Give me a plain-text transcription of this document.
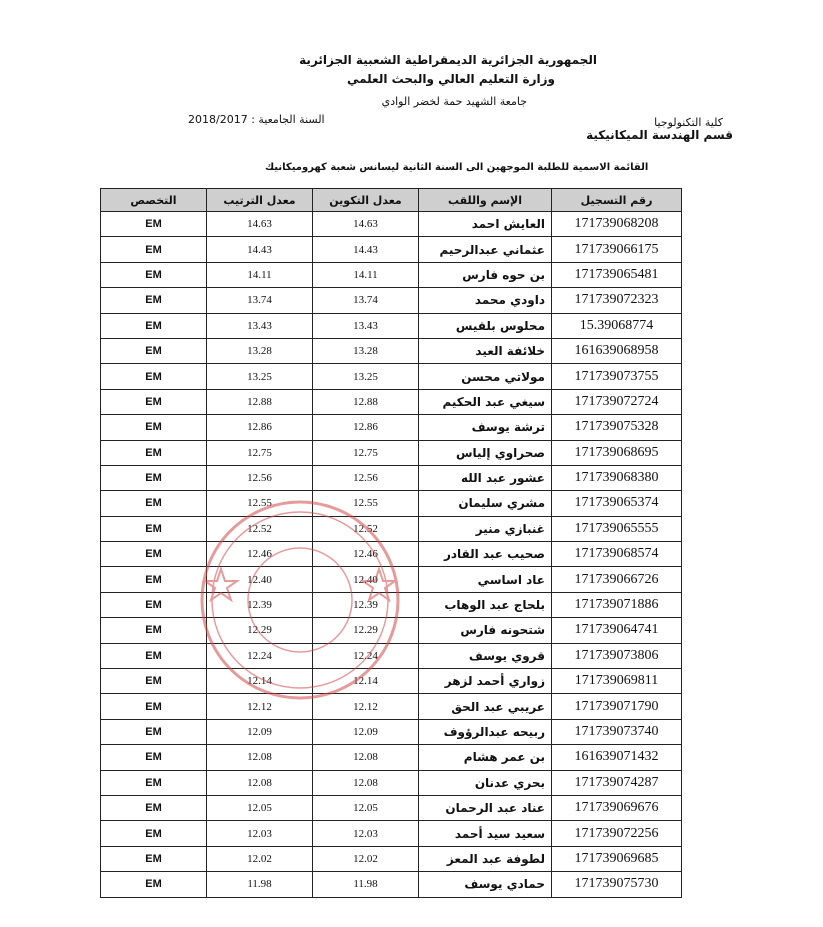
الجمهورية الجزائرية الديمقراطية الشعبية الجزائرية
وزارة التعليم العالي والبحث العلمي
جامعة الشهيد حمة لخضر الوادي
كلية التكنولوجيا
قسم الهندسة الميكانيكية
السنة الجامعية : 2018/2017
القائمة الاسمية للطلبة الموجهين الى السنة الثانية ليسانس شعبة كهروميكانيك
التخصص	معدل الترتيب	معدل التكوين	الإسم واللقب	رقم التسجيل
EM	14.63	14.63	العايش احمد	171739068208
EM	14.43	14.43	عثماني عبدالرحيم	171739066175
EM	14.11	14.11	بن حوه فارس	171739065481
EM	13.74	13.74	داودي محمد	171739072323
EM	13.43	13.43	محلوس بلقيس	15.39068774
EM	13.28	13.28	خلائفة العيد	161639068958
EM	13.25	13.25	مولاتي محسن	171739073755
EM	12.88	12.88	سيغي عبد الحكيم	171739072724
EM	12.86	12.86	ترشة يوسف	171739075328
EM	12.75	12.75	صحراوي إلياس	171739068695
EM	12.56	12.56	عشور عبد الله	171739068380
EM	12.55	12.55	مشري سليمان	171739065374
EM	12.52	12.52	غنبازي منير	171739065555
EM	12.46	12.46	صحيب عبد القادر	171739068574
EM	12.40	12.40	عاد اساسي	171739066726
EM	12.39	12.39	بلحاج عبد الوهاب	171739071886
EM	12.29	12.29	شتحونه فارس	171739064741
EM	12.24	12.24	قروي يوسف	171739073806
EM	12.14	12.14	زواري أحمد لزهر	171739069811
EM	12.12	12.12	عريبي عبد الحق	171739071790
EM	12.09	12.09	ربيحه عبدالرؤوف	171739073740
EM	12.08	12.08	بن عمر هشام	161639071432
EM	12.08	12.08	بحري عدنان	171739074287
EM	12.05	12.05	عناد عبد الرحمان	171739069676
EM	12.03	12.03	سعيد سيد أحمد	171739072256
EM	12.02	12.02	لطوفة عبد المعز	171739069685
EM	11.98	11.98	حمادي يوسف	171739075730
